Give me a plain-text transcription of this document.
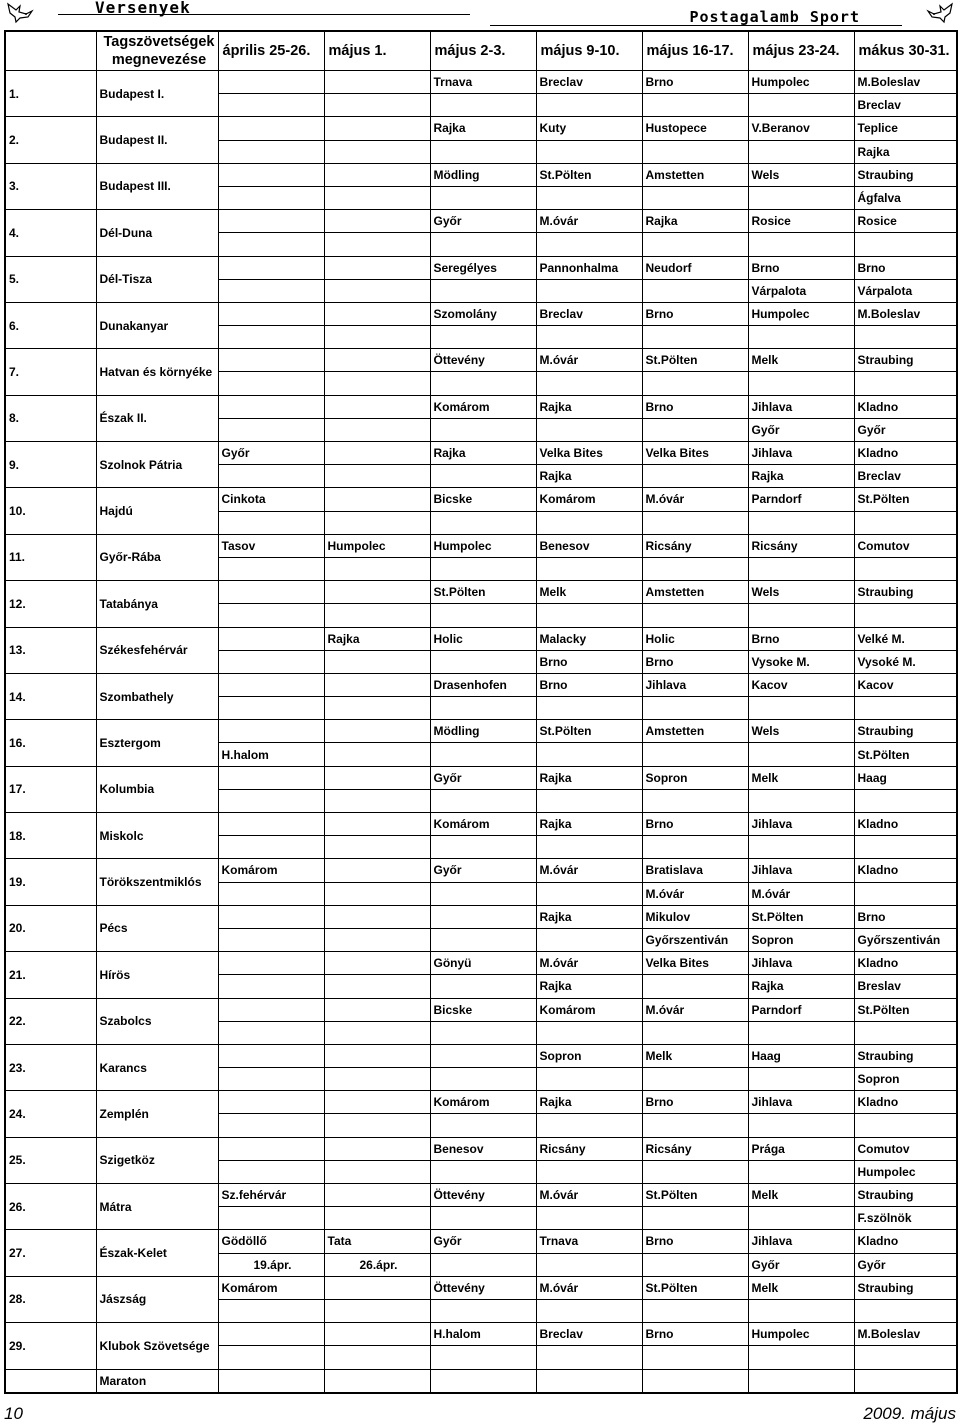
Versenyek	Postagalamb Sport
	Tagszövetségek megnevezése	április 25-26.	május 1.	május 2-3.	május 9-10.	május 16-17.	május 23-24.	mákus 30-31.
1.	Budapest I.			Trnava	Breclav	Brno	Humpolec	M.Boleslav
								Breclav
2.	Budapest II.			Rajka	Kuty	Hustopece	V.Beranov	Teplice
								Rajka
3.	Budapest III.			Mödling	St.Pölten	Amstetten	Wels	Straubing
								Ágfalva
4.	Dél-Duna			Győr	M.óvár	Rajka	Rosice	Rosice

5.	Dél-Tisza			Seregélyes	Pannonhalma	Neudorf	Brno	Brno
							Várpalota	Várpalota
6.	Dunakanyar			Szomolány	Breclav	Brno	Humpolec	M.Boleslav

7.	Hatvan és környéke			Öttevény	M.óvár	St.Pölten	Melk	Straubing

8.	Észak II.			Komárom	Rajka	Brno	Jihlava	Kladno
							Győr	Győr
9.	Szolnok Pátria	Győr		Rajka	Velka Bites	Velka Bites	Jihlava	Kladno
					Rajka		Rajka	Breclav
10.	Hajdú	Cinkota		Bicske	Komárom	M.óvár	Parndorf	St.Pölten

11.	Győr-Rába	Tasov	Humpolec	Humpolec	Benesov	Ricsány	Ricsány	Comutov

12.	Tatabánya			St.Pölten	Melk	Amstetten	Wels	Straubing

13.	Székesfehérvár		Rajka	Holic	Malacky	Holic	Brno	Velké M.
					Brno	Brno	Vysoke M.	Vysoké M.
14.	Szombathely			Drasenhofen	Brno	Jihlava	Kacov	Kacov

16.	Esztergom			Mödling	St.Pölten	Amstetten	Wels	Straubing
		H.halom						St.Pölten
17.	Kolumbia			Győr	Rajka	Sopron	Melk	Haag

18.	Miskolc			Komárom	Rajka	Brno	Jihlava	Kladno

19.	Törökszentmiklós	Komárom		Győr	M.óvár	Bratislava	Jihlava	Kladno
						M.óvár	M.óvár	
20.	Pécs				Rajka	Mikulov	St.Pölten	Brno
						Győrszentiván	Sopron	Győrszentiván
21.	Hírös			Gönyü	M.óvár	Velka Bites	Jihlava	Kladno
					Rajka		Rajka	Breslav
22.	Szabolcs			Bicske	Komárom	M.óvár	Parndorf	St.Pölten

23.	Karancs				Sopron	Melk	Haag	Straubing
								Sopron
24.	Zemplén			Komárom	Rajka	Brno	Jihlava	Kladno

25.	Szigetköz			Benesov	Ricsány	Ricsány	Prága	Comutov
								Humpolec
26.	Mátra	Sz.fehérvár		Öttevény	M.óvár	St.Pölten	Melk	Straubing
								F.szölnök
27.	Észak-Kelet	Gödöllő	Tata	Győr	Trnava	Brno	Jihlava	Kladno
		19.ápr.	26.ápr.				Győr	Győr
28.	Jászság	Komárom		Öttevény	M.óvár	St.Pölten	Melk	Straubing

29.	Klubok Szövetsége			H.halom	Breclav	Brno	Humpolec	M.Boleslav

	Maraton							
10	2009. május
